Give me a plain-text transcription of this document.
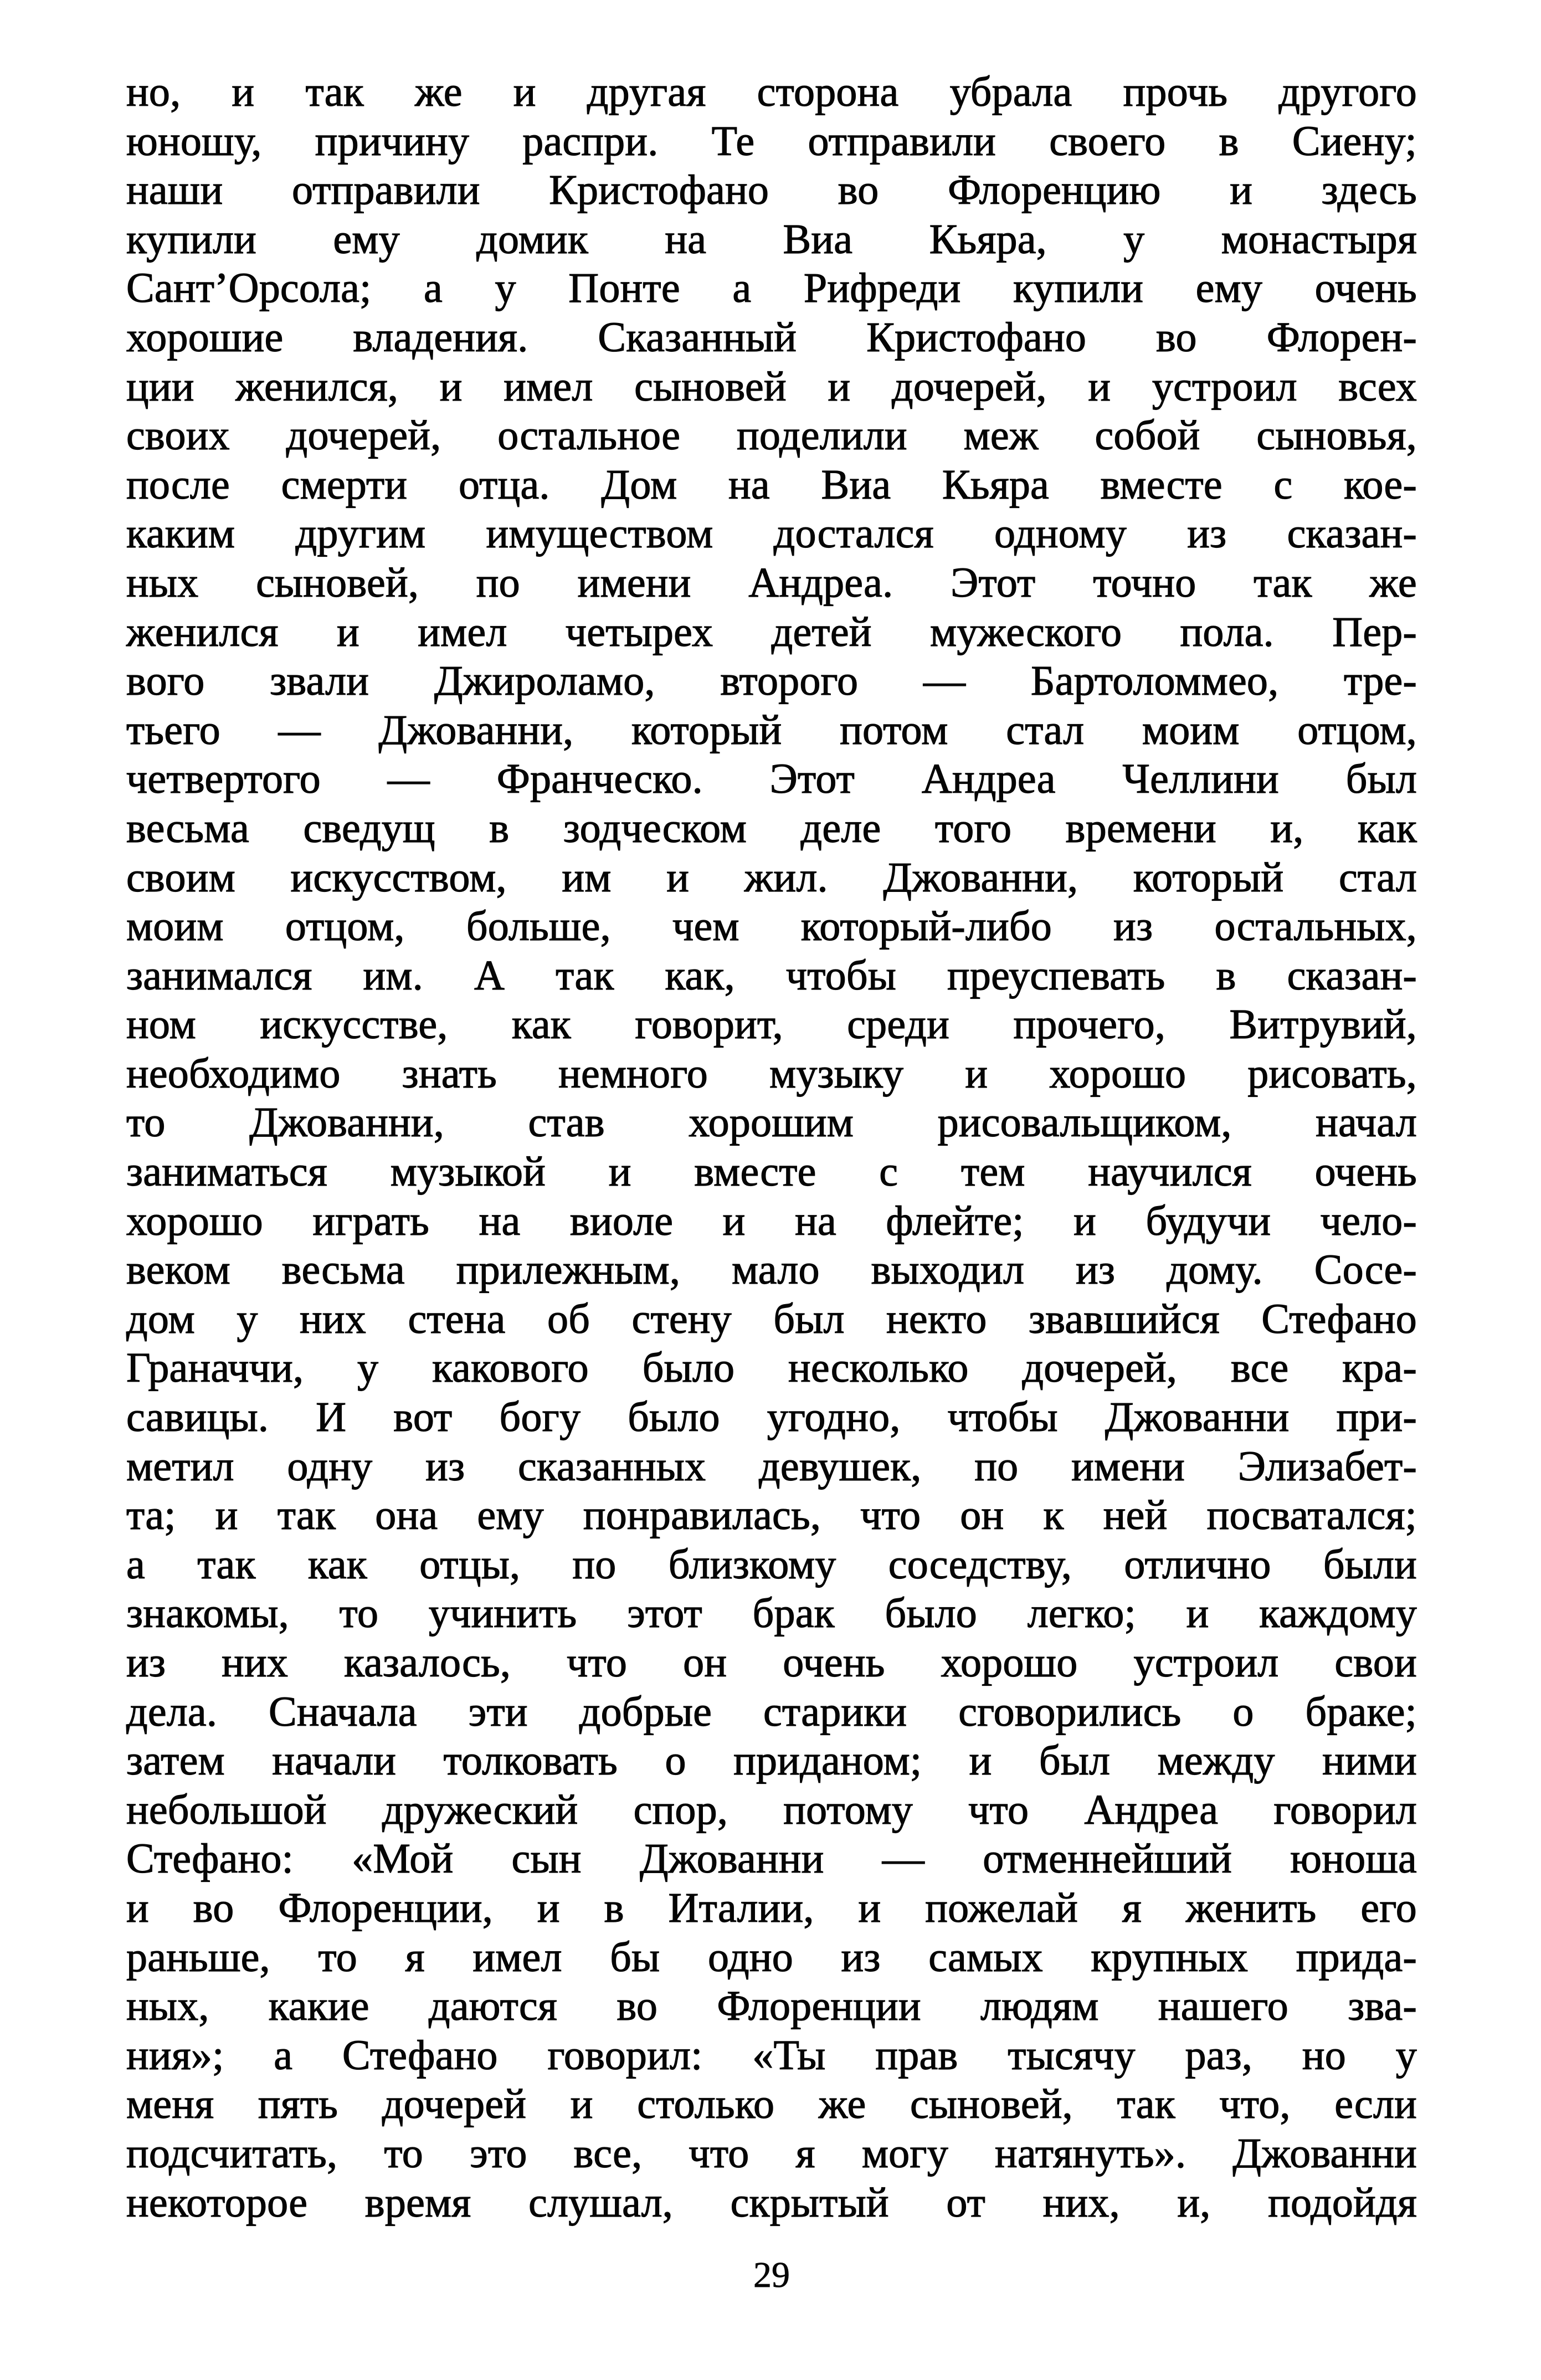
но, и так же и другая сторона убрала прочь другого
юношу, причину распри. Те отправили своего в Сиену;
наши отправили Кристофано во Флоренцию и здесь
купили ему домик на Виа Кьяра, у монастыря
Сант’Орсола; а у Понте а Рифреди купили ему очень
хорошие владения. Сказанный Кристофано во Флорен-
ции женился, и имел сыновей и дочерей, и устроил всех
своих дочерей, остальное поделили меж собой сыновья,
после смерти отца. Дом на Виа Кьяра вместе с кое-
каким другим имуществом достался одному из сказан-
ных сыновей, по имени Андреа. Этот точно так же
женился и имел четырех детей мужеского пола. Пер-
вого звали Джироламо, второго — Бартоломмео, тре-
тьего — Джованни, который потом стал моим отцом,
четвертого — Франческо. Этот Андреа Челлини был
весьма сведущ в зодческом деле того времени и, как
своим искусством, им и жил. Джованни, который стал
моим отцом, больше, чем который-либо из остальных,
занимался им. А так как, чтобы преуспевать в сказан-
ном искусстве, как говорит, среди прочего, Витрувий,
необходимо знать немного музыку и хорошо рисовать,
то Джованни, став хорошим рисовальщиком, начал
заниматься музыкой и вместе с тем научился очень
хорошо играть на виоле и на флейте; и будучи чело-
веком весьма прилежным, мало выходил из дому. Сосе-
дом у них стена об стену был некто звавшийся Стефано
Граначчи, у какового было несколько дочерей, все кра-
савицы. И вот богу было угодно, чтобы Джованни при-
метил одну из сказанных девушек, по имени Элизабет-
та; и так она ему понравилась, что он к ней посватался;
а так как отцы, по близкому соседству, отлично были
знакомы, то учинить этот брак было легко; и каждому
из них казалось, что он очень хорошо устроил свои
дела. Сначала эти добрые старики сговорились о браке;
затем начали толковать о приданом; и был между ними
небольшой дружеский спор, потому что Андреа говорил
Стефано: «Мой сын Джованни — отменнейший юноша
и во Флоренции, и в Италии, и пожелай я женить его
раньше, то я имел бы одно из самых крупных прида-
ных, какие даются во Флоренции людям нашего зва-
ния»; а Стефано говорил: «Ты прав тысячу раз, но у
меня пять дочерей и столько же сыновей, так что, если
подсчитать, то это все, что я могу натянуть». Джованни
некоторое время слушал, скрытый от них, и, подойдя
29
